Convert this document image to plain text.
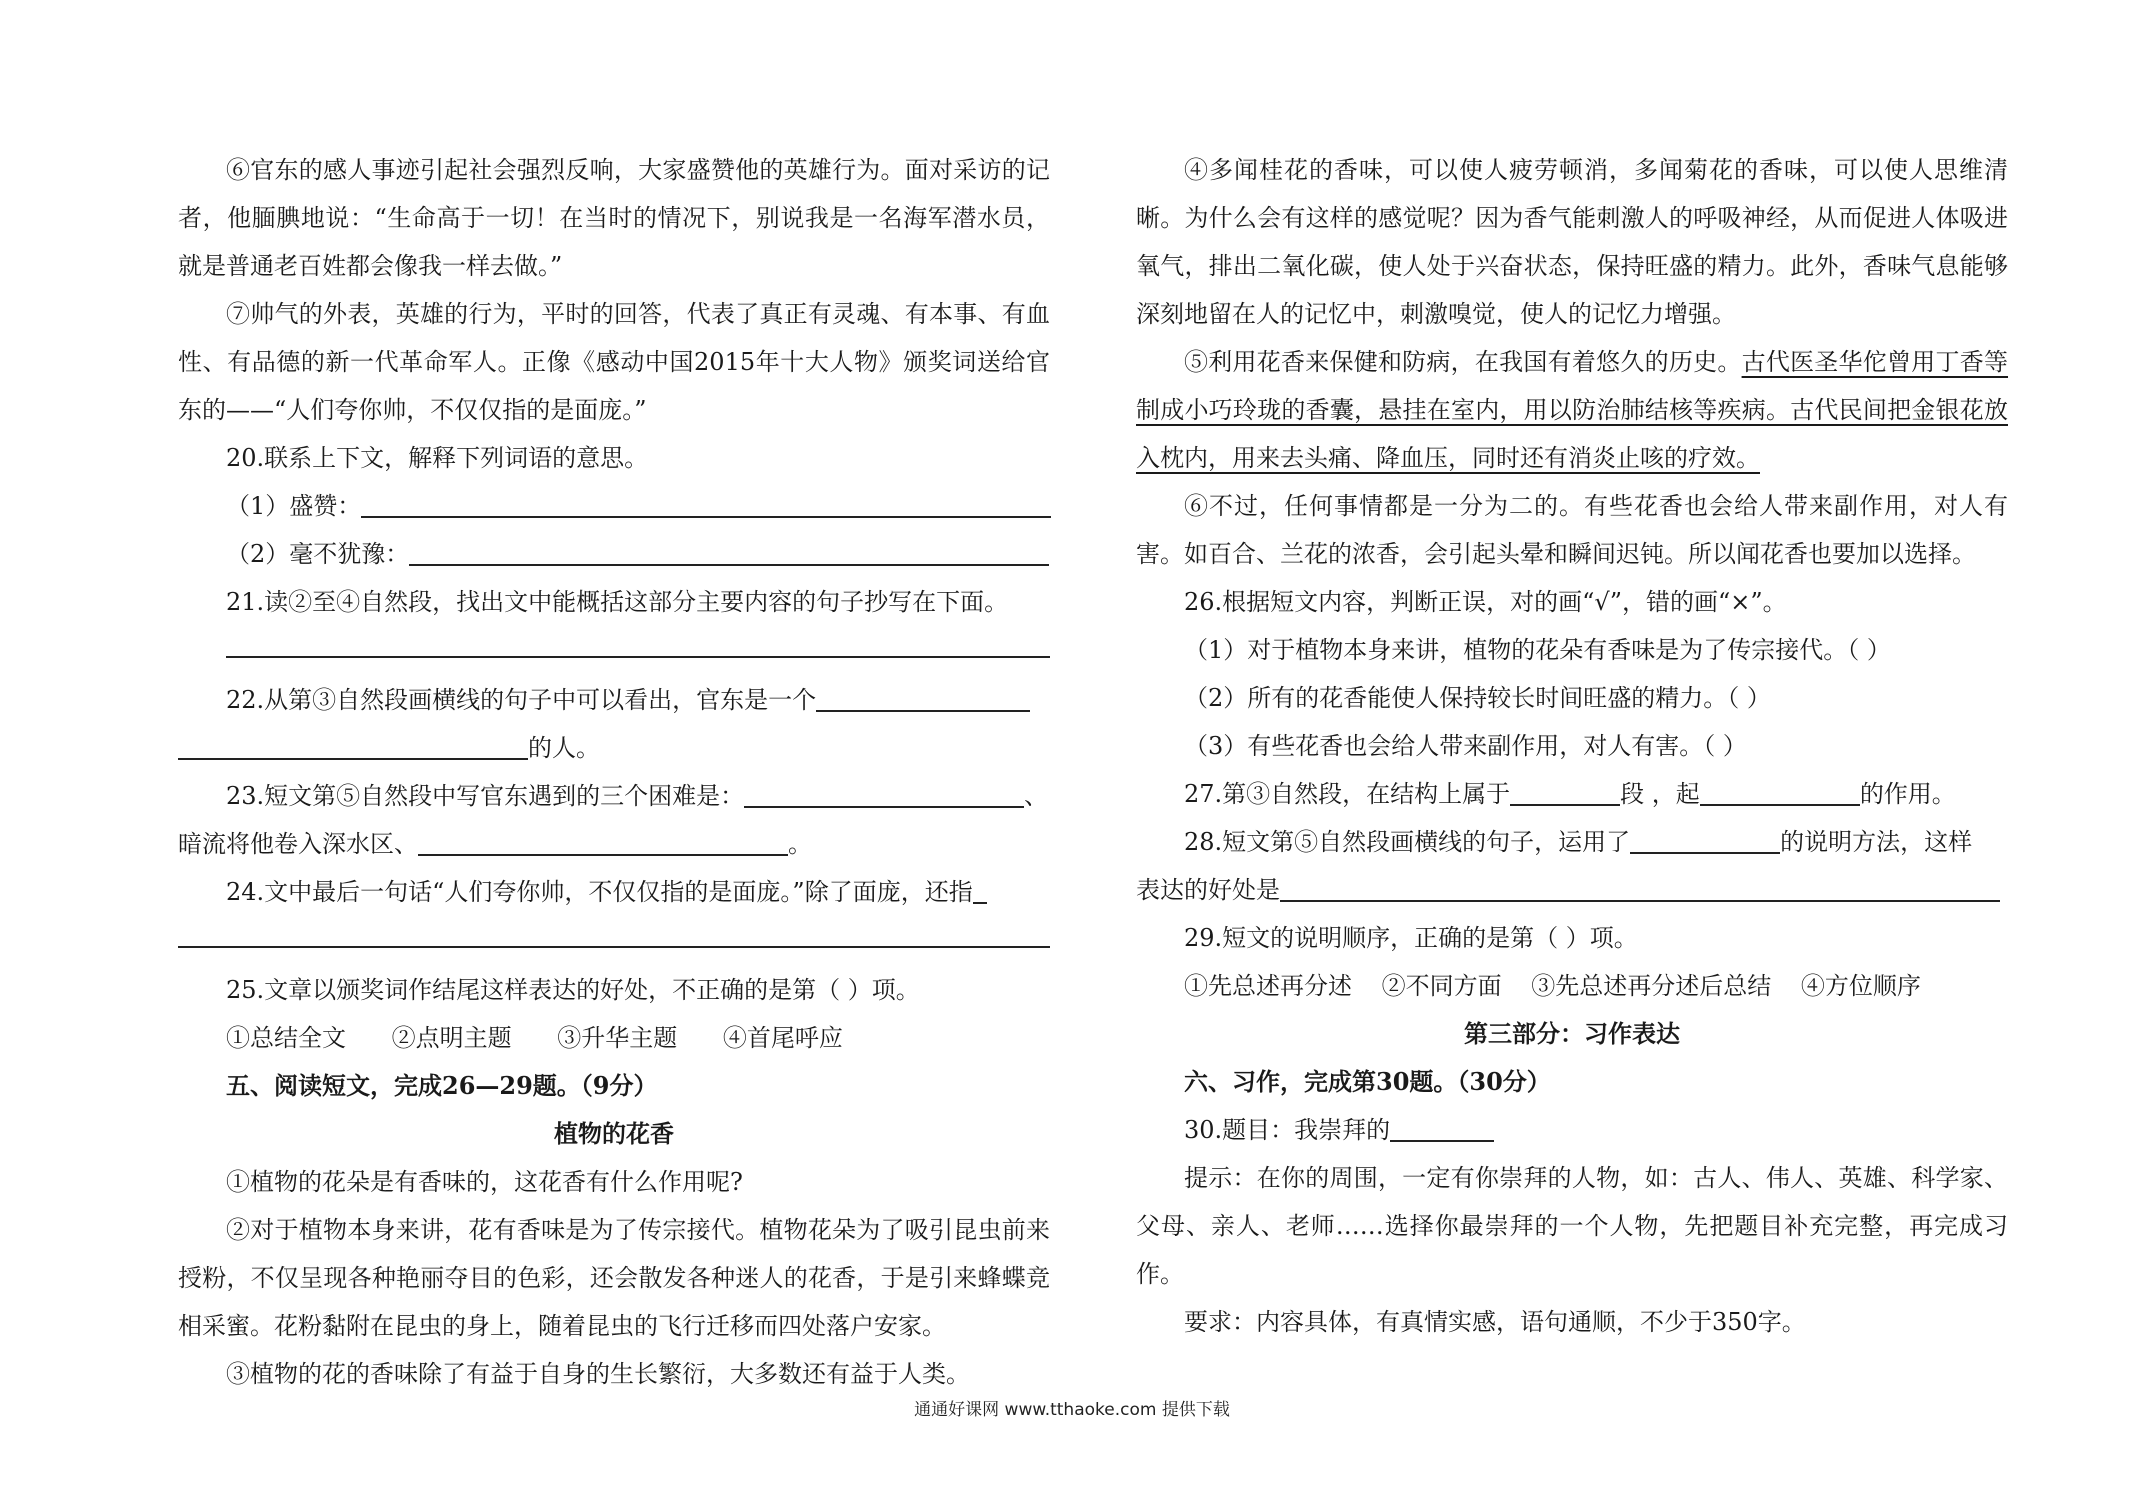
⑥官东的感人事迹引起社会强烈反响，大家盛赞他的英雄行为。面对采访的记者，他腼腆地说：“生命高于一切！在当时的情况下，别说我是一名海军潜水员，就是普通老百姓都会像我一样去做。”

⑦帅气的外表，英雄的行为，平时的回答，代表了真正有灵魂、有本事、有血性、有品德的新一代革命军人。正像《感动中国2015年十大人物》颁奖词送给官东的——“人们夸你帅，不仅仅指的是面庞。”

20.联系上下文，解释下列词语的意思。

（1）盛赞：

（2）毫不犹豫：

21.读②至④自然段，找出文中能概括这部分主要内容的句子抄写在下面。

22.从第③自然段画横线的句子中可以看出，官东是一个

的人。

23.短文第⑤自然段中写官东遇到的三个困难是：	、

暗流将他卷入深水区、	。

24.文中最后一句话“人们夸你帅，不仅仅指的是面庞。”除了面庞，还指

25.文章以颁奖词作结尾这样表达的好处，不正确的是第（ ）项。

①总结全文 ②点明主题 ③升华主题 ④首尾呼应

五、阅读短文，完成26—29题。（9分）

植物的花香

①植物的花朵是有香味的，这花香有什么作用呢?

②对于植物本身来讲，花有香味是为了传宗接代。植物花朵为了吸引昆虫前来授粉，不仅呈现各种艳丽夺目的色彩，还会散发各种迷人的花香，于是引来蜂蝶竞相采蜜。花粉黏附在昆虫的身上，随着昆虫的飞行迁移而四处落户安家。

③植物的花的香味除了有益于自身的生长繁衍，大多数还有益于人类。

④多闻桂花的香味，可以使人疲劳顿消，多闻菊花的香味，可以使人思维清晰。为什么会有这样的感觉呢？因为香气能刺激人的呼吸神经，从而促进人体吸进氧气，排出二氧化碳，使人处于兴奋状态，保持旺盛的精力。此外，香味气息能够深刻地留在人的记忆中，刺激嗅觉，使人的记忆力增强。

⑤利用花香来保健和防病，在我国有着悠久的历史。古代医圣华佗曾用丁香等制成小巧玲珑的香囊，悬挂在室内，用以防治肺结核等疾病。古代民间把金银花放入枕内，用来去头痛、降血压，同时还有消炎止咳的疗效。

⑥不过，任何事情都是一分为二的。有些花香也会给人带来副作用，对人有害。如百合、兰花的浓香，会引起头晕和瞬间迟钝。所以闻花香也要加以选择。

26.根据短文内容，判断正误，对的画“√”，错的画“×”。

（1）对于植物本身来讲，植物的花朵有香味是为了传宗接代。（ ）

（2）所有的花香能使人保持较长时间旺盛的精力。（ ）

（3）有些花香也会给人带来副作用，对人有害。（ ）

27.第③自然段，在结构上属于	段 ，起	的作用。

28.短文第⑤自然段画横线的句子，运用了	的说明方法，这样

表达的好处是

29.短文的说明顺序，正确的是第（ ）项。

①先总述再分述 ②不同方面 ③先总述再分述后总结 ④方位顺序

第三部分：习作表达

六、习作，完成第30题。（30分）

30.题目：我崇拜的

提示：在你的周围，一定有你崇拜的人物，如：古人、伟人、英雄、科学家、父母、亲人、老师……选择你最崇拜的一个人物，先把题目补充完整，再完成习作。

要求：内容具体，有真情实感，语句通顺，不少于350字。

通通好课网 www.tthaoke.com 提供下载
